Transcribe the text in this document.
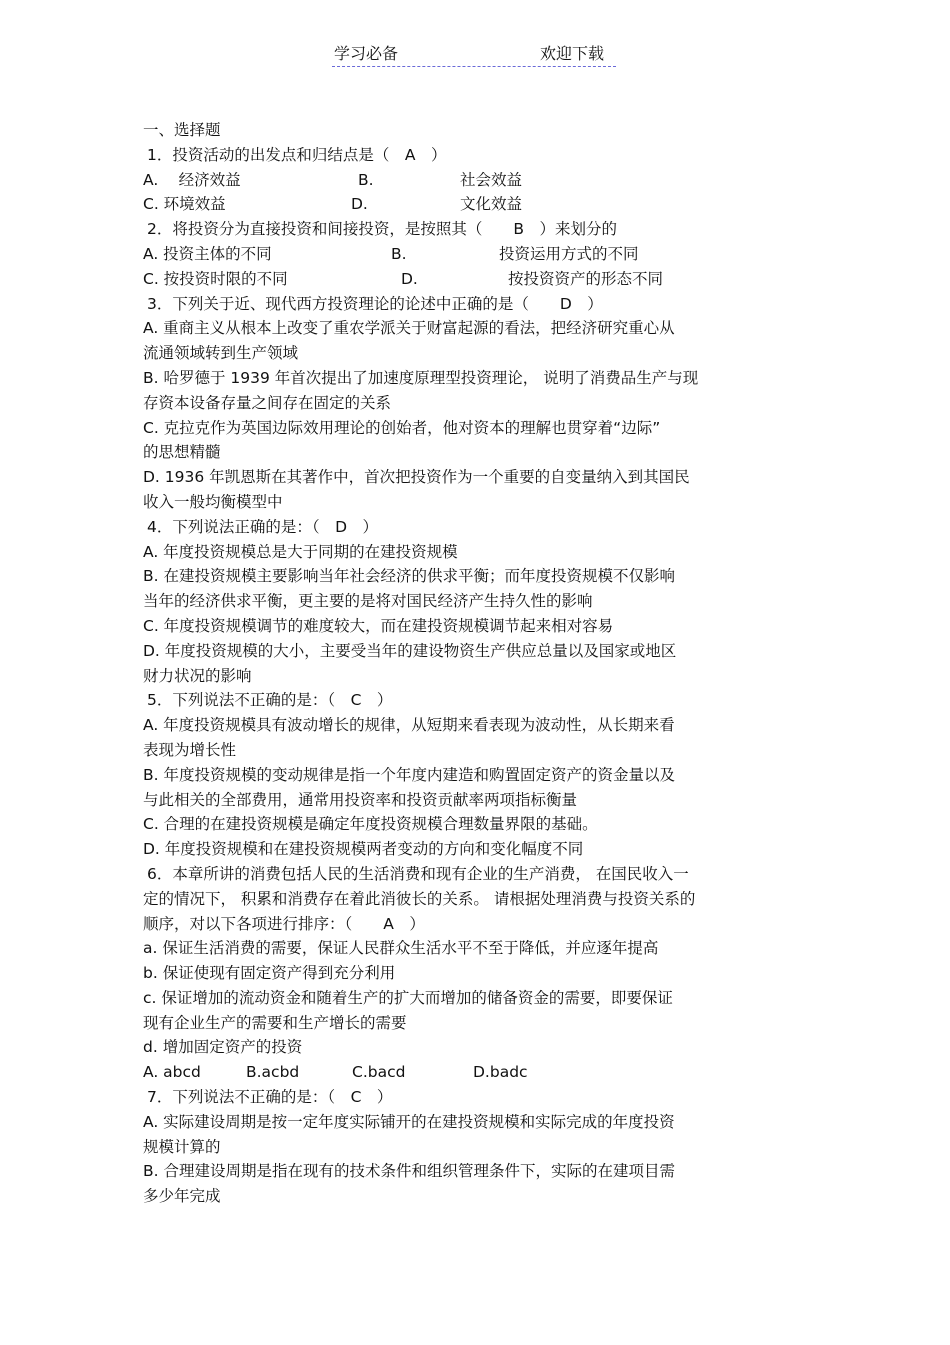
学习必备	欢迎下载
一、选择题
1．投资活动的出发点和归结点是（　A　）
A.　 经济效益	B.	社会效益
C. 环境效益	D.	文化效益
2．将投资分为直接投资和间接投资，是按照其（　　B　）来划分的
A. 投资主体的不同	B.	投资运用方式的不同
C. 按投资时限的不同	D.	按投资资产的形态不同
3．下列关于近、现代西方投资理论的论述中正确的是（　　D　）
A. 重商主义从根本上改变了重农学派关于财富起源的看法，把经济研究重心从
流通领域转到生产领域
B. 哈罗德于 1939 年首次提出了加速度原理型投资理论， 说明了消费品生产与现
存资本设备存量之间存在固定的关系
C. 克拉克作为英国边际效用理论的创始者，他对资本的理解也贯穿着“边际”
的思想精髓
D. 1936 年凯恩斯在其著作中，首次把投资作为一个重要的自变量纳入到其国民
收入一般均衡模型中
4．下列说法正确的是：（　D　）
A. 年度投资规模总是大于同期的在建投资规模
B. 在建投资规模主要影响当年社会经济的供求平衡；而年度投资规模不仅影响
当年的经济供求平衡，更主要的是将对国民经济产生持久性的影响
C. 年度投资规模调节的难度较大，而在建投资规模调节起来相对容易
D. 年度投资规模的大小，主要受当年的建设物资生产供应总量以及国家或地区
财力状况的影响
5．下列说法不正确的是：（　C　）
A. 年度投资规模具有波动增长的规律，从短期来看表现为波动性，从长期来看
表现为增长性
B. 年度投资规模的变动规律是指一个年度内建造和购置固定资产的资金量以及
与此相关的全部费用，通常用投资率和投资贡献率两项指标衡量
C. 合理的在建投资规模是确定年度投资规模合理数量界限的基础。
D. 年度投资规模和在建投资规模两者变动的方向和变化幅度不同
6．本章所讲的消费包括人民的生活消费和现有企业的生产消费， 在国民收入一
定的情况下， 积累和消费存在着此消彼长的关系。 请根据处理消费与投资关系的
顺序，对以下各项进行排序：（　　A　）
a. 保证生活消费的需要，保证人民群众生活水平不至于降低，并应逐年提高
b. 保证使现有固定资产得到充分利用
c. 保证增加的流动资金和随着生产的扩大而增加的储备资金的需要，即要保证
现有企业生产的需要和生产增长的需要
d. 增加固定资产的投资
A. abcd	B.acbd	C.bacd	D.badc
7．下列说法不正确的是：（　C　）
A. 实际建设周期是按一定年度实际铺开的在建投资规模和实际完成的年度投资
规模计算的
B. 合理建设周期是指在现有的技术条件和组织管理条件下，实际的在建项目需
多少年完成
